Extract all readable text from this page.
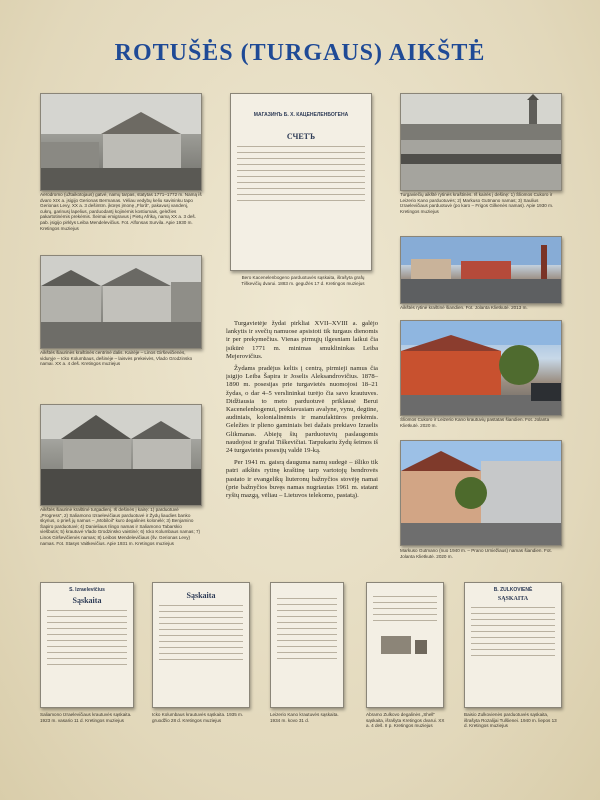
ROTUŠĖS (TURGAUS) AIKŠTĖ
Aerodromo (užtaikotojaus) gatvė, namų tarpas, statytas 1771–1772 m. Namą iš dvaro XIX a. įsigijo Gerionas Bermanas. Vėliau vedybų keliu savininku tapo Gerionas Levy, XX a. 3 dešimtm. įkūręs įmonę „Floră“, pakavusį vandenį, cukrų, garinusį lapelius, parduodantį kojinėmis kostiumais, geležies pakartotinėmis prekėmis. Šeimai emigravus į Pietų Afriką, namą XX a. 3 deš. pab. įsigijo pirklys Leiba Mendelevičius. Fot. Alfonsas Survila. Apie 1930 m. Kretingos muziejus
Aikštės šiaurinės kraštinės centrinė dalis. Kairėje – Linos Girševičienės, viduryje – Icko Kolumbaus, dešinėje – laisvės prekeivės, Vlado Grodzinsko namai. XX a. 4 deš. Kretingos muziejus
Aikštės šiaurinė kraštinė turgadienį. Iš dešinės į kairę: 1) parduotuvė „Progress“, 2) Saliamono Izraelevičiaus parduotuvė ir Žydų liaudies banko skyrius, o prieš jų namus – „Mobiloil“ kuro degalinės kolonėlė; 3) Benjamino Šapiro parduotuvė; 4) Danieliaus Ilingo namas ir Saliamono Tabarskio viešbutis; 5) krautuvė Vlado Grodzinsko vaistinė; 6) Icko Kolumbaus namas; 7) Linos Girševičienės namas; 8) Leibos Mendelevičiaus (šv. Gerionas Levy) namas. Fot. Stasys Vaitkevičius. Apie 1931 m. Kretingos muziejus
МАГАЗИНЪ Б. Х. КАЦЕНЕЛЕНБОГЕНА
СЧЕТЪ
Bero Kacenelenbogeno parduotuvės sąskaita, išrašyta grafų Tiškevičių dvarui. 1883 m. gegužės 17 d. Kretingos muziejus

Turgavietėje žydai pirkliai XVII–XVIII a. galėjo lankytis ir svečių namuose apsistoti tik turgaus dienomis ir per prekymečius. Vienas pirmųjų ilgesniam laikui čia įsikūrė 1771 m. minimas smuklininkas Leiba Mejerovičius.

Žydams pradėjus keltis į centrą, pirmieji namus čia įsigijo Leiba Šapira ir Joselis Aleksandrovičius. 1878–1890 m. posesijas prie turgavietės nuomojosi 18–21 žydas, o dar 4–5 verslininkai turėjo čia savo krautuves. Didžiausia to meto parduotuvė priklausė Berui Kacenelenbogenui, prekiavusiam avalyne, vynu, degtine, audiniais, kolonialinėmis ir manufaktūros prekėmis. Geležies ir plieno gaminiais bei dažais prekiavo Izraelis Glikmanas. Abiejų šių parduotuvių paslaugomis naudojosi ir grafai Tiškevičiai. Tarpukariu žydų šeimos iš 24 turgavietės posesijų valdė 19-ką.

Per 1941 m. gaisrą dauguma namų sudegė – išliko tik patri aikštės rytinę kraštinę tarp vartotojų bendrovės pastato ir evangelikų liuteronų bažnyčios stovėję namai (prie bažnyčios buvęs namas nugriautas 1961 m. statant ryšių mazgą, vėliau – Lietuvos telekomo, pastatą).

Turgaviečių aikštė rytinės kraštinės. Iš kairės į dešinę: 1) Šliomos Cukoro ir Leizerio Kano parduotuvės; 2) Markuso Gutmano namas; 3) Saulius Izraelevičiaus parduotuvė (po karo – Frigos Gilkenės namas). Apie 1930 m. Kretingos muziejus
Aikštės rytinė kraštinė šiandien. Fot. Jolanta Klietkutė. 2013 m.
Šliomos Cukoro ir Leizerio Kano krautuvių pastatas šiandien. Fot. Jolanta Klietkutė. 2020 m.
Markuso Gutmano (nuo 1940 m. – Prano Urniežiaus) namas šiandien. Fot. Jolanta Klietkutė. 2020 m.
S. Izraelevičius
Sąskaita
Saliamono Izraelevičiaus krautuvės sąskaita. 1923 m. vasario 11 d. Kretingos muziejus
Sąskaita
Icko Kolumbaus krautuvės sąskaita. 1935 m. gruodžio 28 d. Kretingos muziejus
Leizerio Kano krautuvės sąskaita. 1934 m. kovo 31 d.
Abramo Zulkovo degalinės „Shell“ sąskaita, išrašyta Kretingos dvarui. XX a. 4 deš. II p. Kretingos muziejus
B. ZULKOVIENĖ
SĄSKAITA
Baisio Zulkovienės parduotuvės sąskaita, išrašyta Rozalijai Tulšienei. 1940 m. liepos 13 d. Kretingos muziejus
